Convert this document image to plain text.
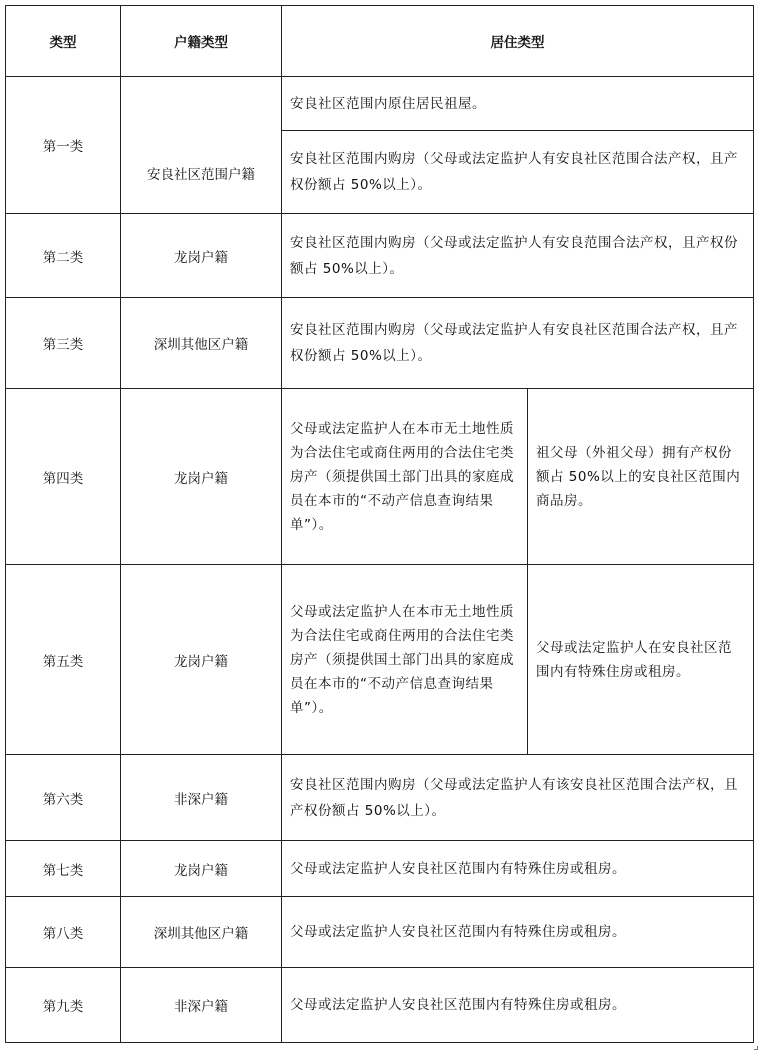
类型	户籍类型	居住类型	
第一类	安良社区范围户籍	安良社区范围内原住居民祖屋。	
		安良社区范围内购房（父母或法定监护人有安良社区范围合法产权，且产权份额占 50%以上）。	
第二类	龙岗户籍	安良社区范围内购房（父母或法定监护人有安良范围合法产权，且产权份额占 50%以上）。	
第三类	深圳其他区户籍	安良社区范围内购房（父母或法定监护人有安良社区范围合法产权，且产权份额占 50%以上）。	
第四类	龙岗户籍	父母或法定监护人在本市无土地性质为合法住宅或商住两用的合法住宅类房产（须提供国土部门出具的家庭成员在本市的“不动产信息查询结果单”）。	祖父母（外祖父母）拥有产权份额占 50%以上的安良社区范围内商品房。
第五类	龙岗户籍	父母或法定监护人在本市无土地性质为合法住宅或商住两用的合法住宅类房产（须提供国土部门出具的家庭成员在本市的“不动产信息查询结果单”）。	父母或法定监护人在安良社区范围内有特殊住房或租房。
第六类	非深户籍	安良社区范围内购房（父母或法定监护人有该安良社区范围合法产权，且产权份额占 50%以上）。	
第七类	龙岗户籍	父母或法定监护人安良社区范围内有特殊住房或租房。	
第八类	深圳其他区户籍	父母或法定监护人安良社区范围内有特殊住房或租房。	
第九类	非深户籍	父母或法定监护人安良社区范围内有特殊住房或租房。	
